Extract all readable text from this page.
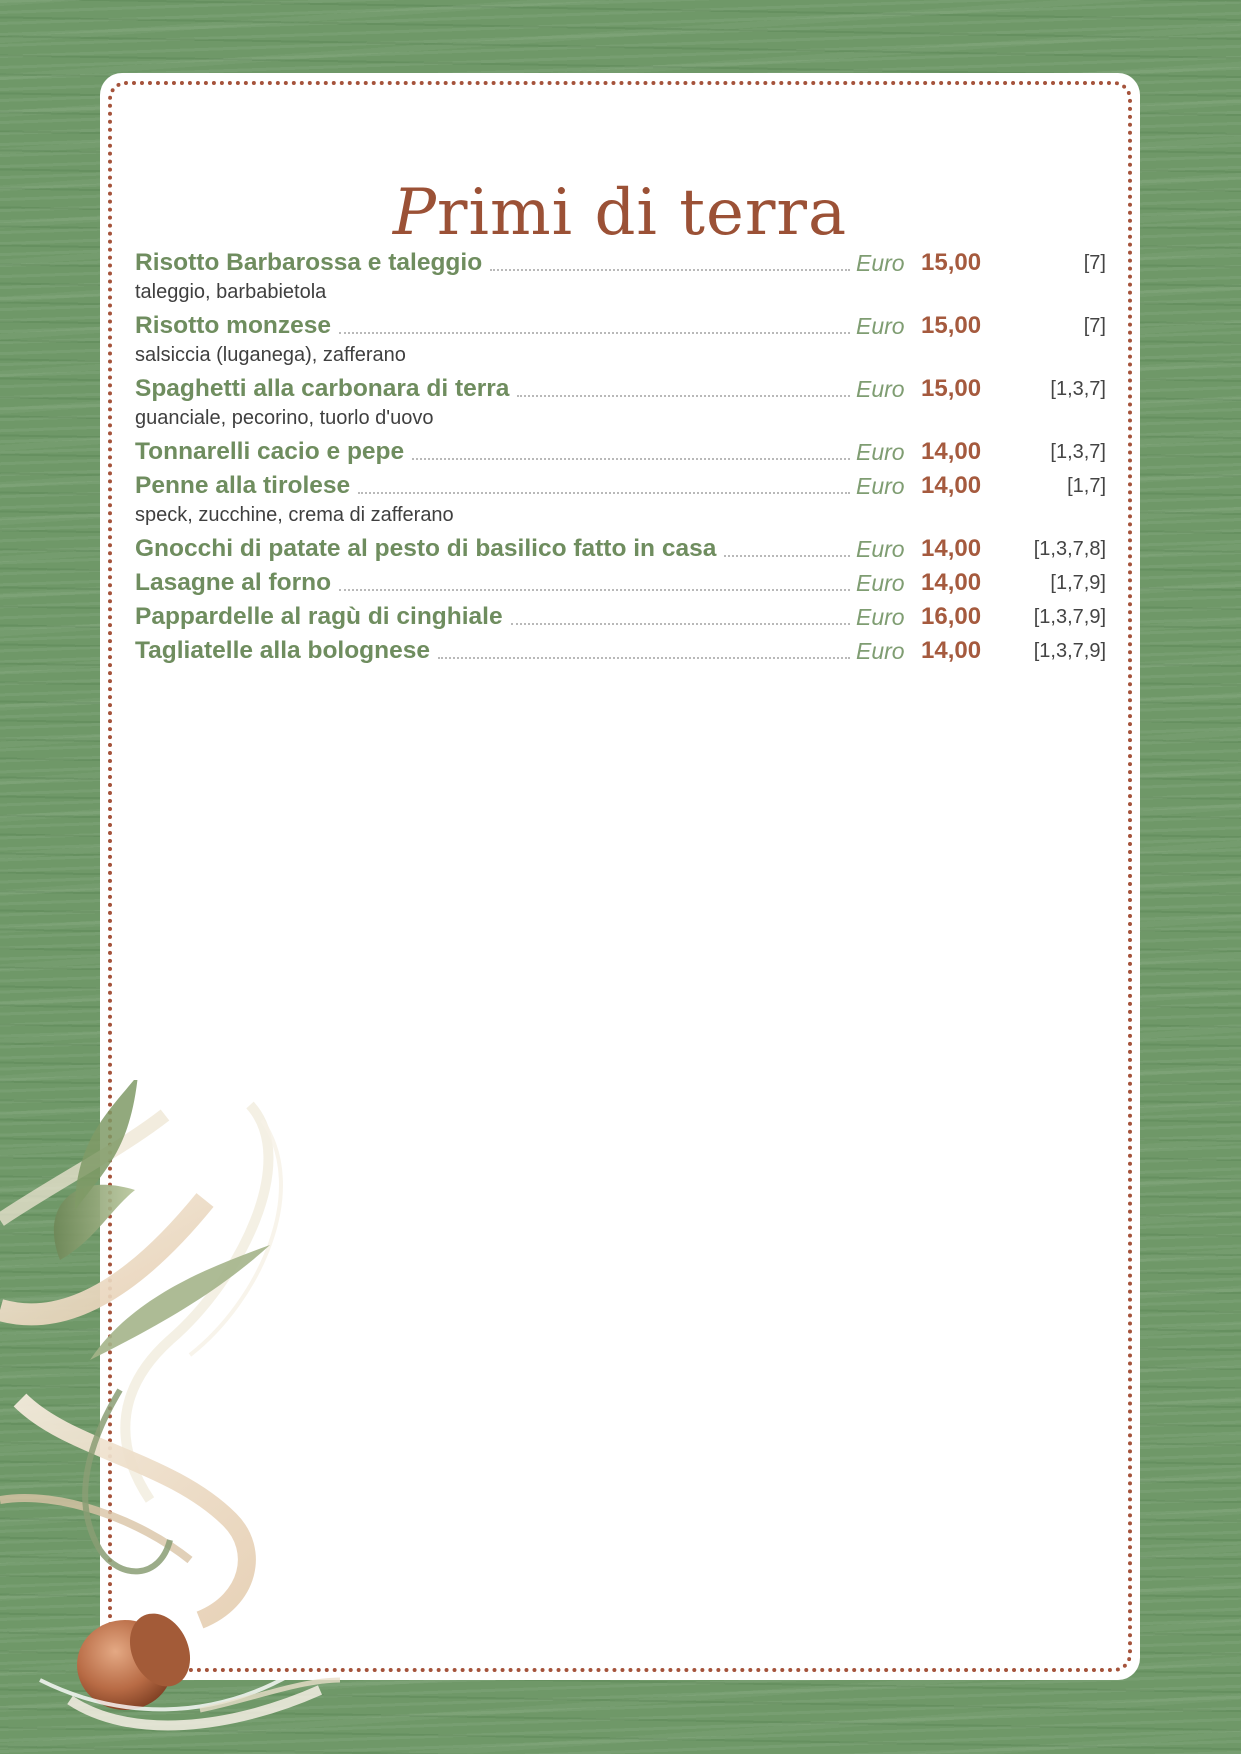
Primi di terra
Risotto Barbarossa e taleggio	Euro 15,00	[7]
taleggio, barbabietola
Risotto monzese	Euro 15,00	[7]
salsiccia (luganega), zafferano
Spaghetti alla carbonara di terra	Euro 15,00	[1,3,7]
guanciale, pecorino, tuorlo d'uovo
Tonnarelli cacio e pepe	Euro 14,00	[1,3,7]
Penne alla tirolese	Euro 14,00	[1,7]
speck, zucchine, crema di zafferano
Gnocchi di patate al pesto di basilico fatto in casa	Euro 14,00	[1,3,7,8]
Lasagne al forno	Euro 14,00	[1,7,9]
Pappardelle al ragù di cinghiale	Euro 16,00	[1,3,7,9]
Tagliatelle alla bolognese	Euro 14,00	[1,3,7,9]
